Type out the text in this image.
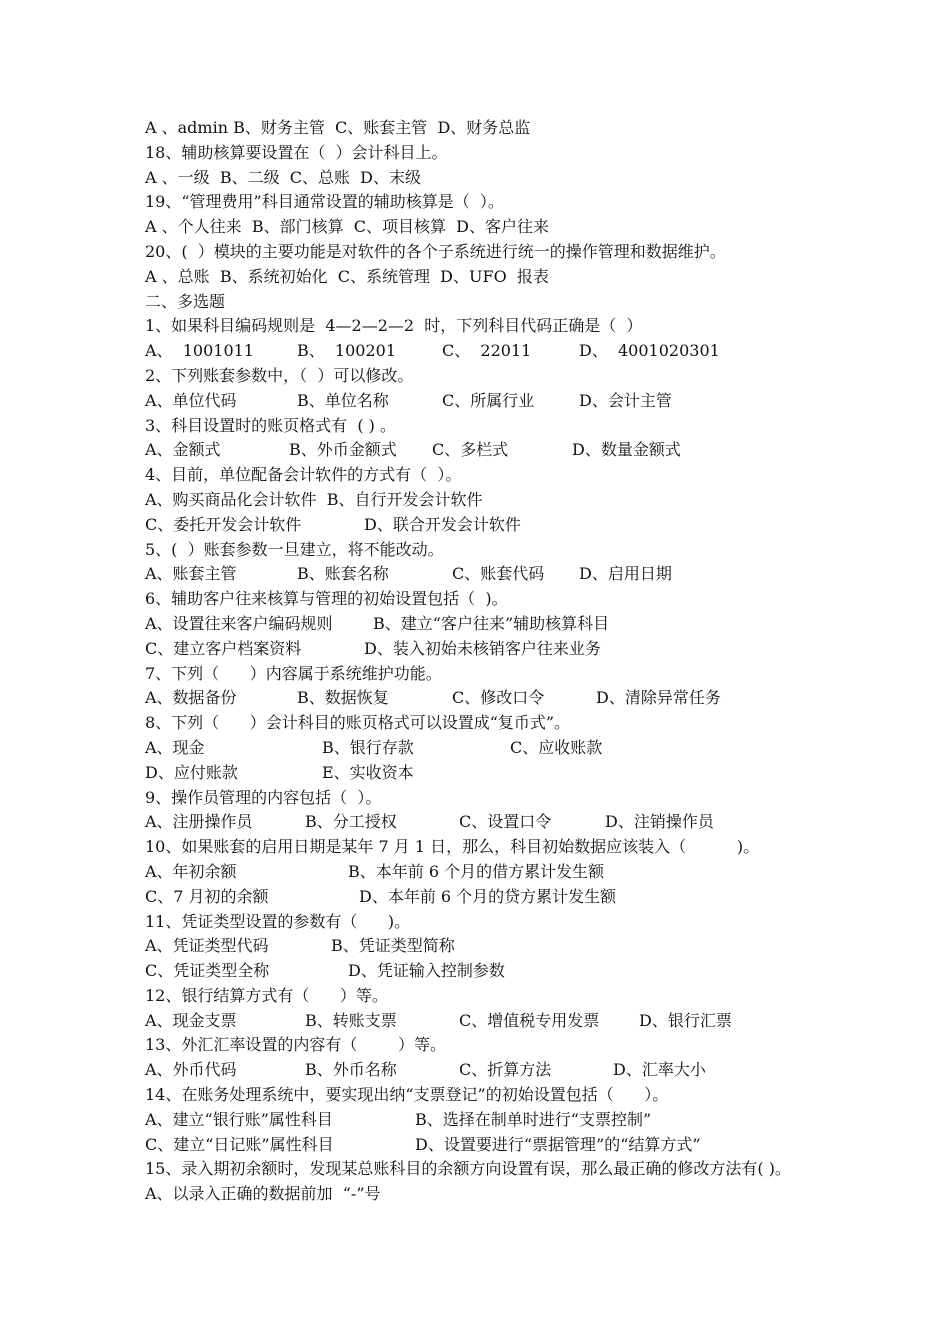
A 、admin B、财务主管  C、账套主管  D、财务总监
18、辅助核算要设置在（  ）会计科目上。
A 、一级  B、二级  C、总账  D、末级
19、“管理费用”科目通常设置的辅助核算是（  ）。
A 、个人往来  B、部门核算  C、项目核算  D、客户往来
20、(  ）模块的主要功能是对软件的各个子系统进行统一的操作管理和数据维护。
A 、总账  B、系统初始化  C、系统管理  D、UFO  报表
二、多选题
1、如果科目编码规则是  4—2—2—2  时，下列科目代码正确是（  ）
A、  1001011	B、  100201	C、  22011	D、  4001020301
2、下列账套参数中，（  ）可以修改。
A、单位代码	B、单位名称	C、所属行业	D、会计主管
3、科目设置时的账页格式有  ( ) 。
A、金额式	B、外币金额式 C、多栏式	D、数量金额式
4、目前，单位配备会计软件的方式有（  ）。
A、购买商品化会计软件  B、自行开发会计软件
C、委托开发会计软件	D、联合开发会计软件
5、(  ）账套参数一旦建立，将不能改动。
A、账套主管	B、账套名称	C、账套代码 D、启用日期
6、辅助客户往来核算与管理的初始设置包括（  )。
A、设置往来客户编码规则	B、建立“客户往来”辅助核算科目
C、建立客户档案资料	D、装入初始未核销客户往来业务
7、下列（      ）内容属于系统维护功能。
A、数据备份	B、数据恢复	C、修改口令	D、清除异常任务
8、下列（      ）会计科目的账页格式可以设置成“复币式”。
A、现金	B、银行存款	C、应收账款
D、应付账款	E、实收资本
9、操作员管理的内容包括（  ）。
A、注册操作员	B、分工授权	C、设置口令	D、注销操作员
10、如果账套的启用日期是某年 7 月 1 日，那么，科目初始数据应该装入（          )。
A、年初余额	B、本年前 6 个月的借方累计发生额
C、7 月初的余额	D、本年前 6 个月的贷方累计发生额
11、凭证类型设置的参数有（      )。
A、凭证类型代码	B、凭证类型简称
C、凭证类型全称	D、凭证输入控制参数
12、银行结算方式有（      ）等。
A、现金支票	B、转账支票	C、增值税专用发票 D、银行汇票
13、外汇汇率设置的内容有（        ）等。
A、外币代码	B、外币名称	C、折算方法	D、汇率大小
14、在账务处理系统中，要实现出纳“支票登记”的初始设置包括（      ）。
A、建立“银行账”属性科目	B、选择在制单时进行“支票控制”
C、建立“日记账”属性科目	D、设置要进行“票据管理”的“结算方式”
15、录入期初余额时，发现某总账科目的余额方向设置有误，那么最正确的修改方法有( )。
A、以录入正确的数据前加  “-”号
